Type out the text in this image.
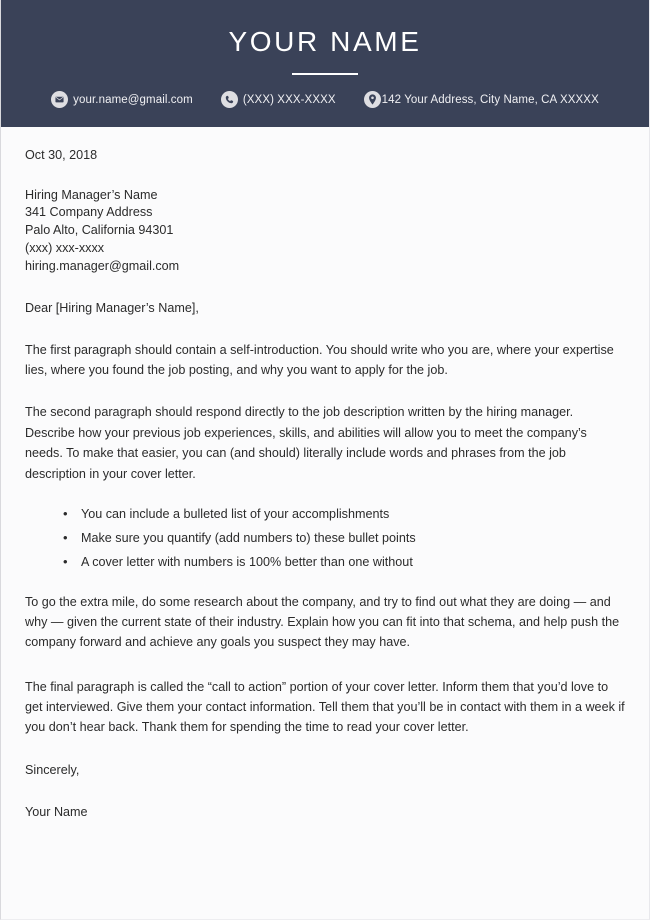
YOUR NAME
your.name@gmail.com	(XXX) XXX-XXXX	142 Your Address, City Name, CA XXXXX
Oct 30, 2018
Hiring Manager’s Name
341 Company Address
Palo Alto, California 94301
(xxx) xxx-xxxx
hiring.manager@gmail.com
Dear [Hiring Manager’s Name],

The first paragraph should contain a self-introduction. You should write who you are, where your expertise lies, where you found the job posting, and why you want to apply for the job.

The second paragraph should respond directly to the job description written by the hiring manager. Describe how your previous job experiences, skills, and abilities will allow you to meet the company’s needs. To make that easier, you can (and should) literally include words and phrases from the job description in your cover letter.

• You can include a bulleted list of your accomplishments
• Make sure you quantify (add numbers to) these bullet points
• A cover letter with numbers is 100% better than one without

To go the extra mile, do some research about the company, and try to find out what they are doing — and why — given the current state of their industry. Explain how you can fit into that schema, and help push the company forward and achieve any goals you suspect they may have.

The final paragraph is called the “call to action” portion of your cover letter. Inform them that you’d love to get interviewed. Give them your contact information. Tell them that you’ll be in contact with them in a week if you don’t hear back. Thank them for spending the time to read your cover letter.

Sincerely,
Your Name
